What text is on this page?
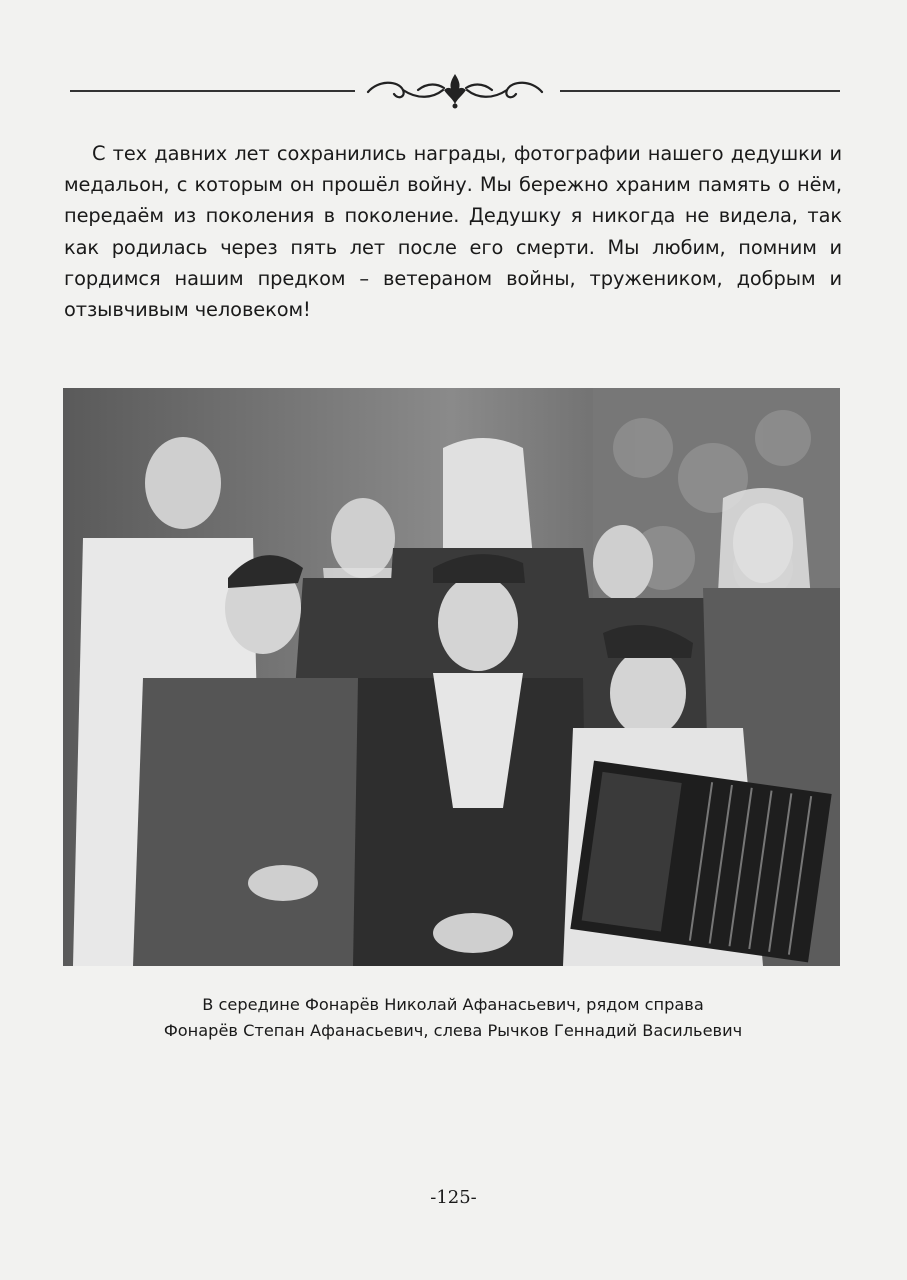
С тех давних лет сохранились награды, фотографии нашего дедушки и медальон, с которым он прошёл войну. Мы бережно храним память о нём, передаём из поколения в поколение. Дедушку я никогда не видела, так как родилась через пять лет после его смерти. Мы любим, помним и гордимся нашим предком – ветераном войны, тружеником, добрым и отзывчивым человеком!

В середине Фонарёв Николай Афанасьевич, рядом справа
Фонарёв Степан Афанасьевич, слева Рычков Геннадий Васильевич
-125-
